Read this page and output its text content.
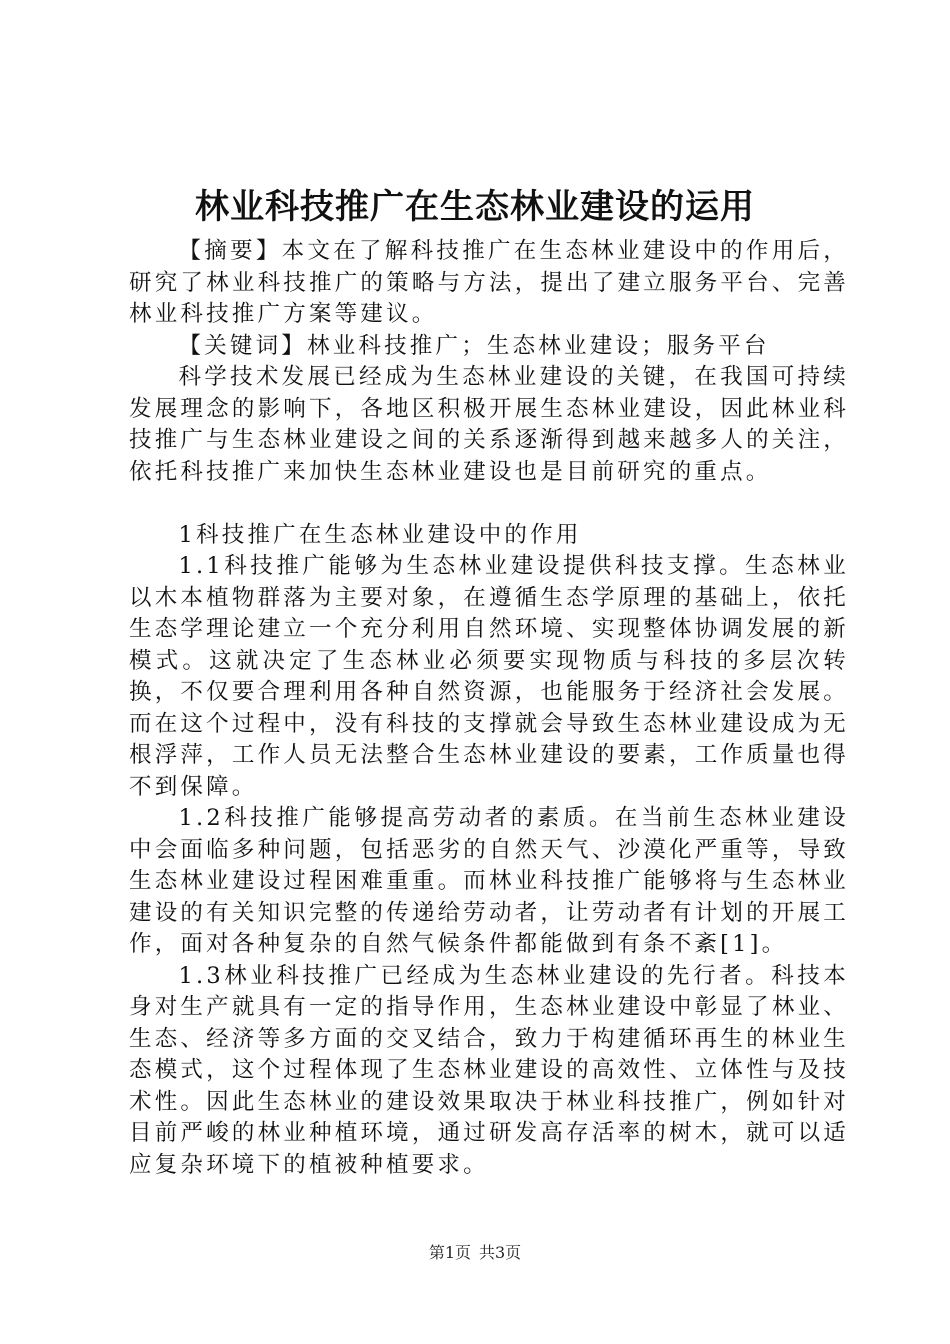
林业科技推广在生态林业建设的运用

【摘要】本文在了解科技推广在生态林业建设中的作用后，研究了林业科技推广的策略与方法，提出了建立服务平台、完善林业科技推广方案等建议。

【关键词】林业科技推广；生态林业建设；服务平台

科学技术发展已经成为生态林业建设的关键，在我国可持续发展理念的影响下，各地区积极开展生态林业建设，因此林业科技推广与生态林业建设之间的关系逐渐得到越来越多人的关注，依托科技推广来加快生态林业建设也是目前研究的重点。

1科技推广在生态林业建设中的作用

1.1科技推广能够为生态林业建设提供科技支撑。生态林业以木本植物群落为主要对象，在遵循生态学原理的基础上，依托生态学理论建立一个充分利用自然环境、实现整体协调发展的新模式。这就决定了生态林业必须要实现物质与科技的多层次转换，不仅要合理利用各种自然资源，也能服务于经济社会发展。而在这个过程中，没有科技的支撑就会导致生态林业建设成为无根浮萍，工作人员无法整合生态林业建设的要素，工作质量也得不到保障。

1.2科技推广能够提高劳动者的素质。在当前生态林业建设中会面临多种问题，包括恶劣的自然天气、沙漠化严重等，导致生态林业建设过程困难重重。而林业科技推广能够将与生态林业建设的有关知识完整的传递给劳动者，让劳动者有计划的开展工作，面对各种复杂的自然气候条件都能做到有条不紊[1]。

1.3林业科技推广已经成为生态林业建设的先行者。科技本身对生产就具有一定的指导作用，生态林业建设中彰显了林业、生态、经济等多方面的交叉结合，致力于构建循环再生的林业生态模式，这个过程体现了生态林业建设的高效性、立体性与及技术性。因此生态林业的建设效果取决于林业科技推广，例如针对目前严峻的林业种植环境，通过研发高存活率的树木，就可以适应复杂环境下的植被种植要求。

第1页 共3页
